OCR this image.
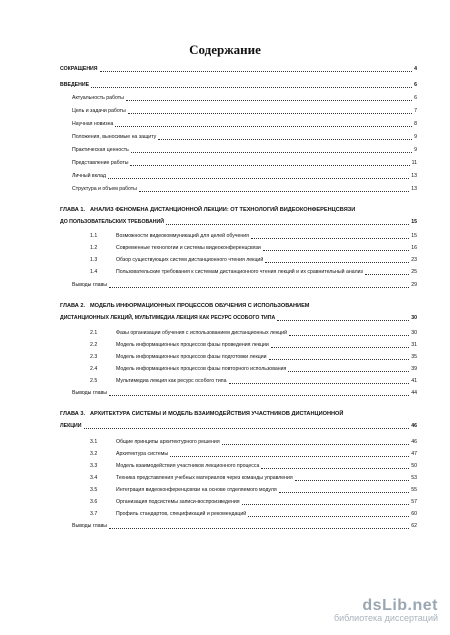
Содержание
СОКРАЩЕНИЯ	4
ВВЕДЕНИЕ	6
Актуальность работы	6
Цель и задачи работы	7
Научная новизна	8
Положения, выносимые на защиту	9
Практическая ценность	9
Представление работы	11
Личный вклад	13
Структура и объем работы	13
ГЛАВА 1. АНАЛИЗ ФЕНОМЕНА ДИСТАНЦИОННОЙ ЛЕКЦИИ: ОТ ТЕХНОЛОГИЙ ВИДЕОКОНФЕРЕНЦСВЯЗИ
ДО ПОЛЬЗОВАТЕЛЬСКИХ ТРЕБОВАНИЙ	15
1.1	Возможности видеокоммуникаций для целей обучения	15
1.2	Современные технологии и системы видеоконференцсвязи	16
1.3	Обзор существующих систем дистанционного чтения лекций	23
1.4	Пользовательские требования к системам дистанционного чтения лекций и их сравнительный анализ	25
Выводы главы	29
ГЛАВА 2. МОДЕЛЬ ИНФОРМАЦИОННЫХ ПРОЦЕССОВ ОБУЧЕНИЯ С ИСПОЛЬЗОВАНИЕМ
ДИСТАНЦИОННЫХ ЛЕКЦИЙ, МУЛЬТИМЕДИА ЛЕКЦИЯ КАК РЕСУРС ОСОБОГО ТИПА	30
2.1	Фазы организации обучения с использованием дистанционных лекций	30
2.2	Модель информационных процессов фазы проведения лекции	31
2.3	Модель информационных процессов фазы подготовки лекции	35
2.4	Модель информационных процессов фазы повторного использования	39
2.5	Мультимедиа лекция как ресурс особого типа	41
Выводы главы	44
ГЛАВА 3. АРХИТЕКТУРА СИСТЕМЫ И МОДЕЛЬ ВЗАИМОДЕЙСТВИЯ УЧАСТНИКОВ ДИСТАНЦИОННОЙ
ЛЕКЦИИ	46
3.1	Общие принципы архитектурного решения	46
3.2	Архитектура системы	47
3.3	Модель взаимодействия участников лекционного процесса	50
3.4	Техника представления учебных материалов через команды управления	53
3.5	Интеграция видеоконференцсвязи на основе отделяемого модуля	55
3.6	Организация подсистемы записи-воспроизведения	57
3.7	Профиль стандартов, спецификаций и рекомендаций	60
Выводы главы	62
dsLib.net
библиотека диссертаций
